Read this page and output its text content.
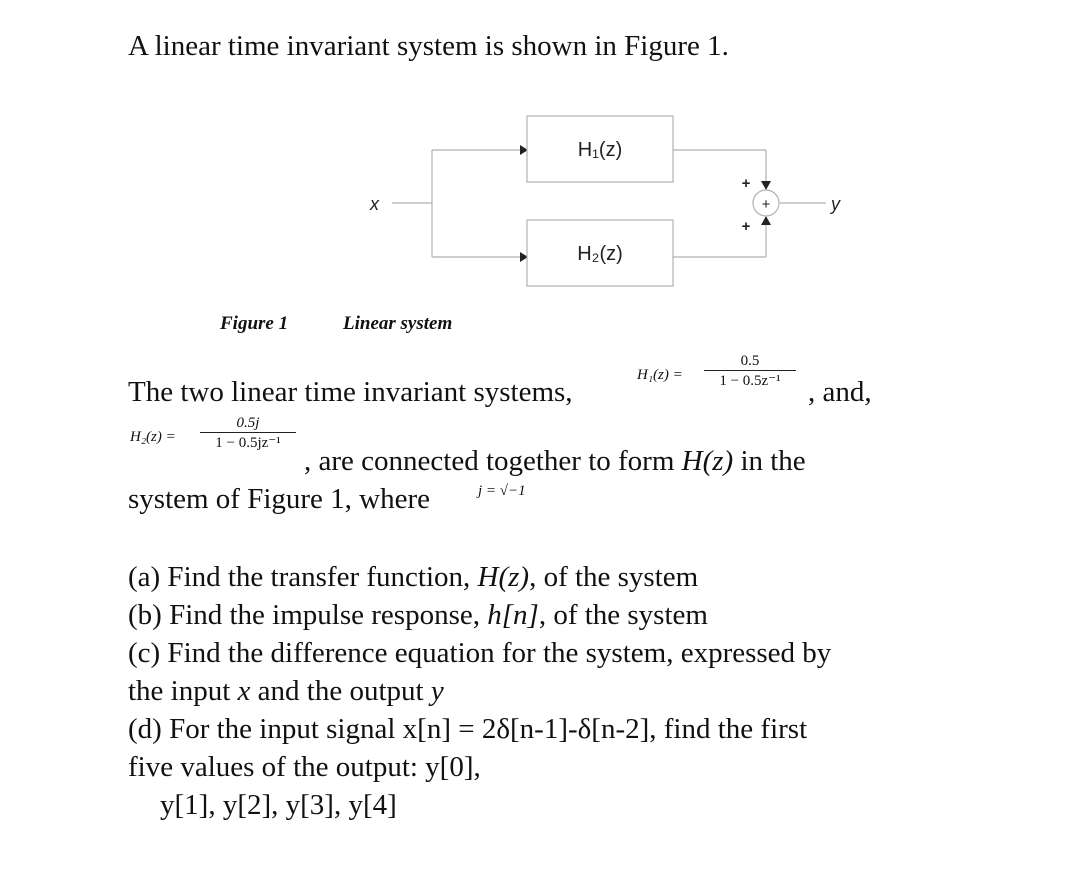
A linear time invariant system is shown in Figure 1.
x	y
H₁(z)
H₂(z)
+
+
+
Figure 1	Linear system
The two linear time invariant systems,
$H_1(z) = \frac{0.5}{\text{1 − 0.5z⁻¹}}$
, and,
$H_2(z) = \frac{0.5j}{\text{1 − 0.5jz⁻¹}}$
, are connected together to form H(z) in the
system of Figure 1, where	j = √−1
(a) Find the transfer function, H(z), of the system
(b) Find the impulse response, h[n], of the system
(c) Find the difference equation for the system, expressed by
the input x and the output y
(d) For the input signal x[n] = 2δ[n-1]-δ[n-2], find the first
five values of the output: y[0],
y[1], y[2], y[3], y[4]
